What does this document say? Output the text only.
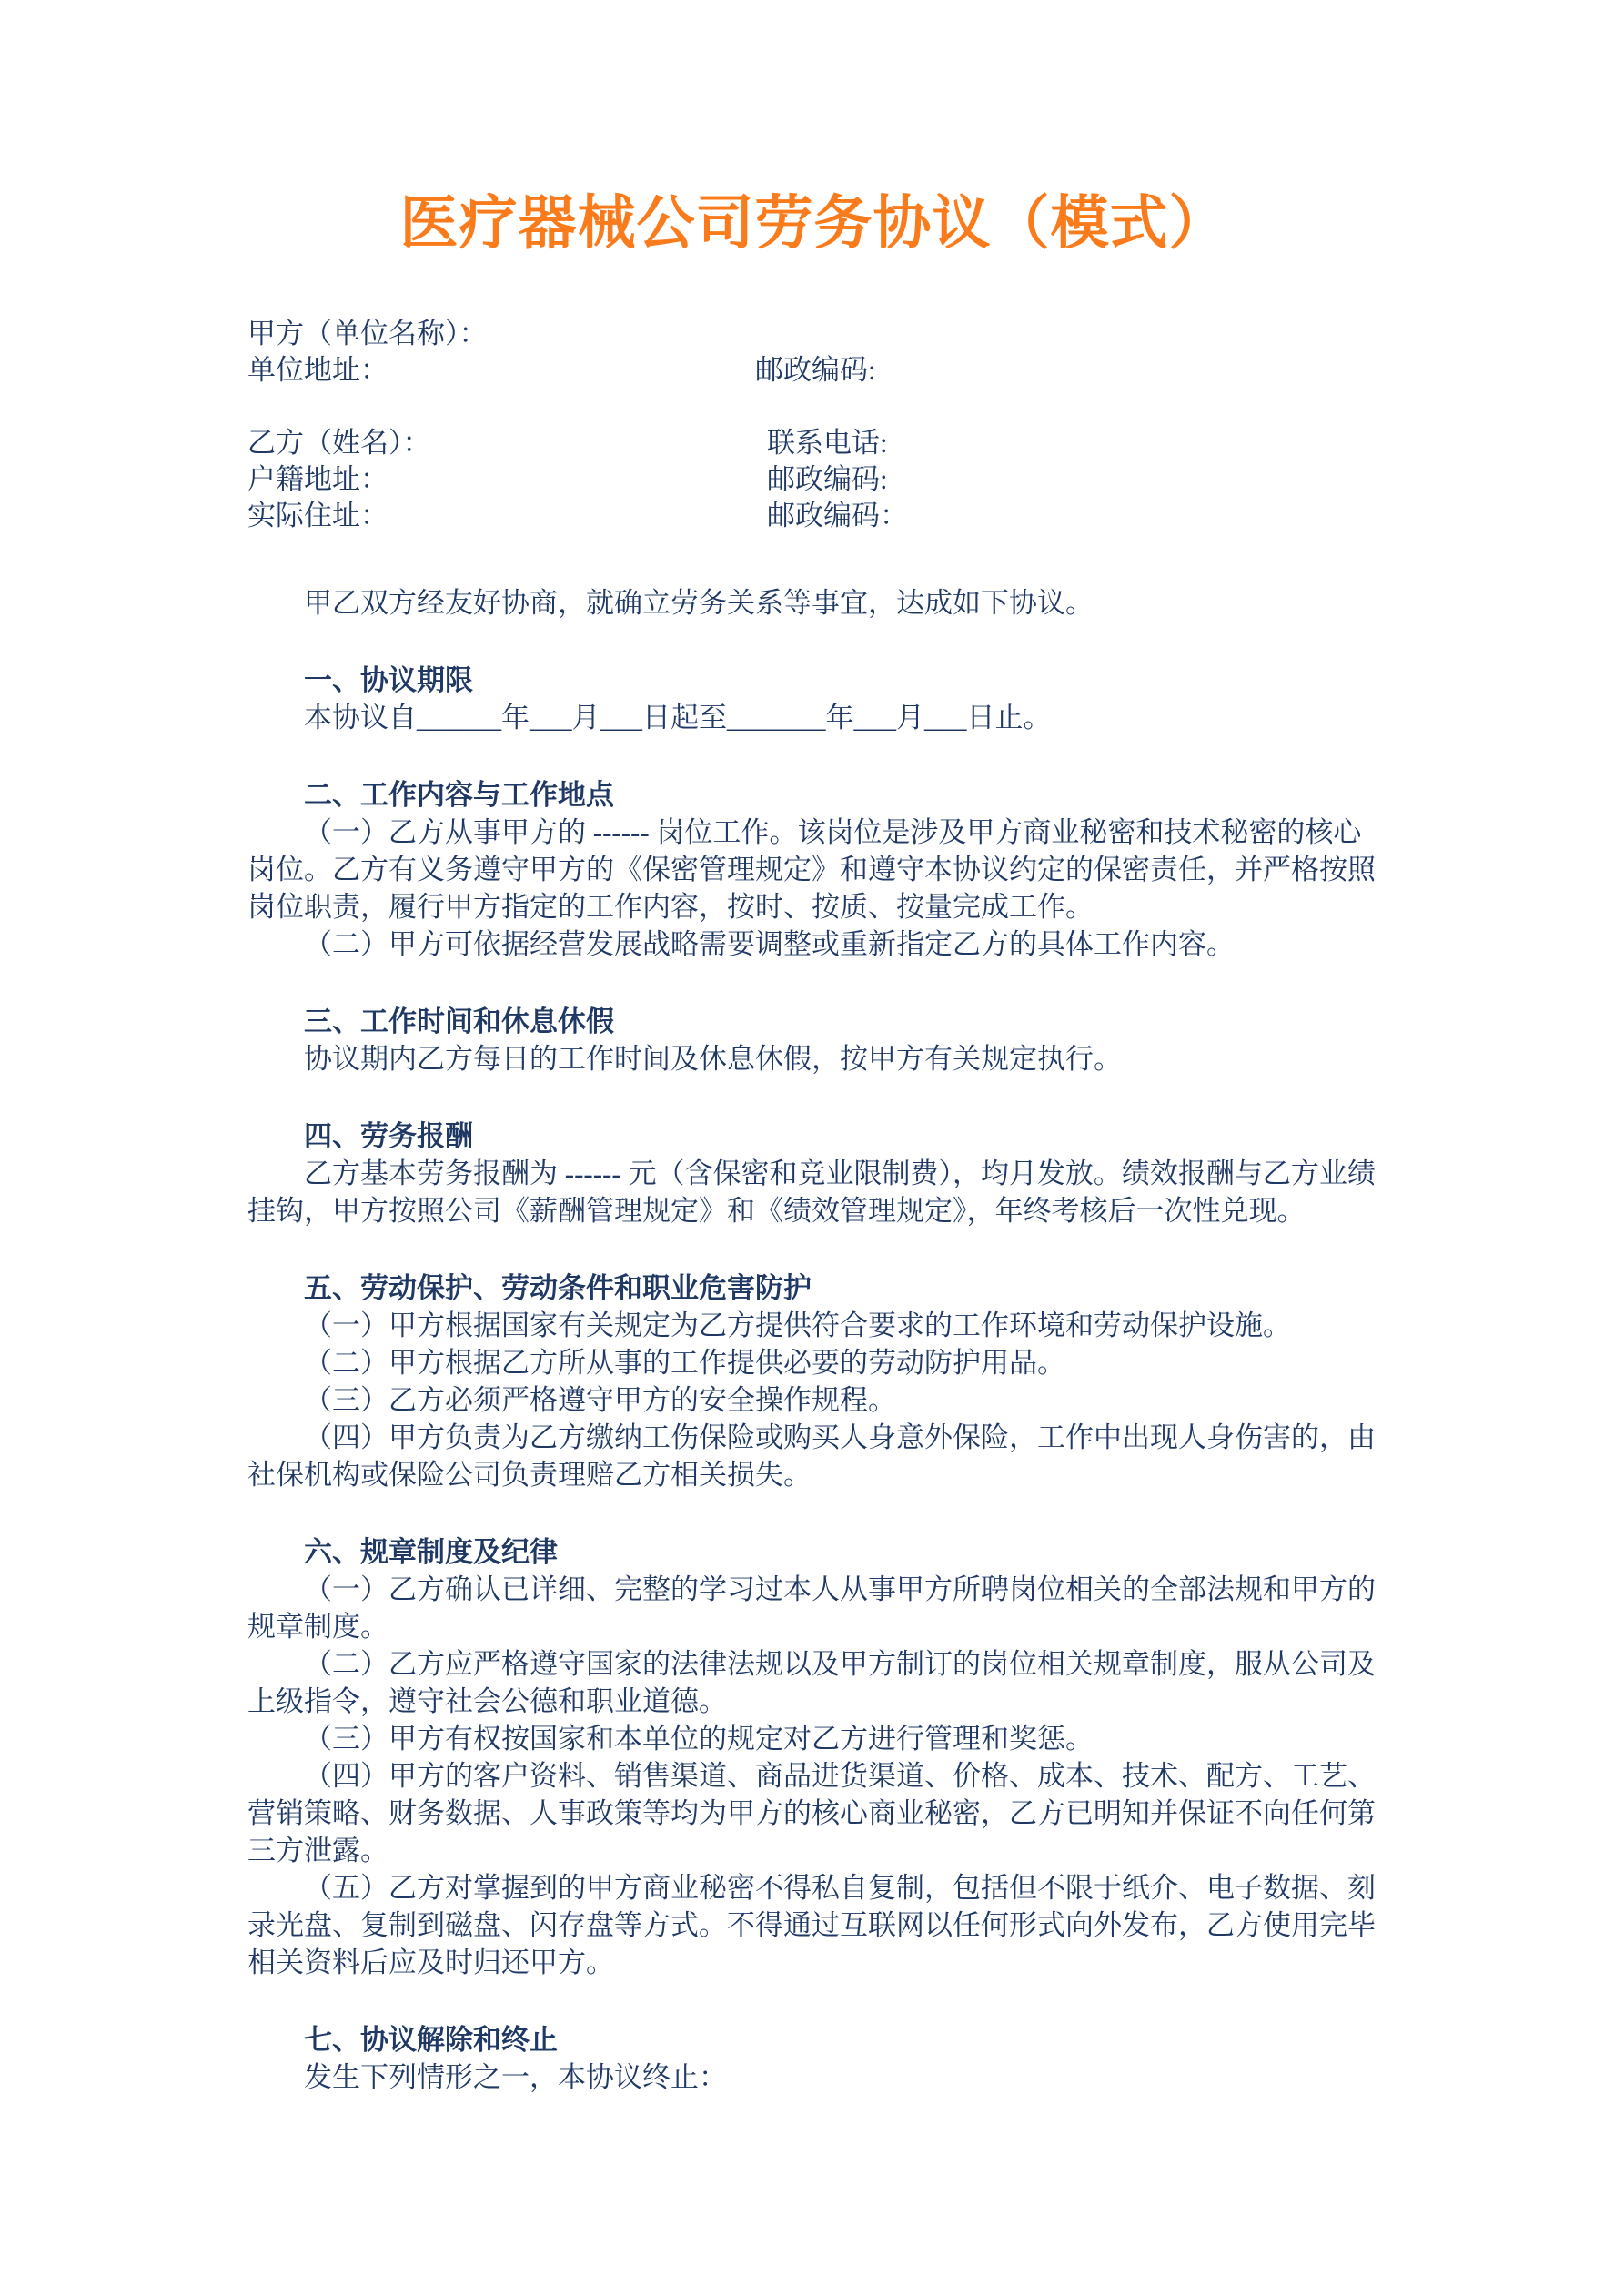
医疗器械公司劳务协议（模式）
甲方（单位名称）：
单位地址：	邮政编码:
乙方（姓名）：	联系电话:
户籍地址：	邮政编码:
实际住址：	邮政编码：

甲乙双方经友好协商，就确立劳务关系等事宜，达成如下协议。

一、协议期限

本协议自______年___月___日起至_______年___月___日止。

二、工作内容与工作地点

（一）乙方从事甲方的 ------ 岗位工作。该岗位是涉及甲方商业秘密和技术秘密的核心岗位。乙方有义务遵守甲方的《保密管理规定》和遵守本协议约定的保密责任，并严格按照岗位职责，履行甲方指定的工作内容，按时、按质、按量完成工作。

（二）甲方可依据经营发展战略需要调整或重新指定乙方的具体工作内容。

三、工作时间和休息休假

协议期内乙方每日的工作时间及休息休假，按甲方有关规定执行。

四、劳务报酬

乙方基本劳务报酬为 ------ 元（含保密和竞业限制费），均月发放。绩效报酬与乙方业绩挂钩，甲方按照公司《薪酬管理规定》和《绩效管理规定》，年终考核后一次性兑现。

五、劳动保护、劳动条件和职业危害防护

（一）甲方根据国家有关规定为乙方提供符合要求的工作环境和劳动保护设施。

（二）甲方根据乙方所从事的工作提供必要的劳动防护用品。

（三）乙方必须严格遵守甲方的安全操作规程。

（四）甲方负责为乙方缴纳工伤保险或购买人身意外保险，工作中出现人身伤害的，由社保机构或保险公司负责理赔乙方相关损失。

六、规章制度及纪律

（一）乙方确认已详细、完整的学习过本人从事甲方所聘岗位相关的全部法规和甲方的规章制度。

（二）乙方应严格遵守国家的法律法规以及甲方制订的岗位相关规章制度，服从公司及上级指令，遵守社会公德和职业道德。

（三）甲方有权按国家和本单位的规定对乙方进行管理和奖惩。

（四）甲方的客户资料、销售渠道、商品进货渠道、价格、成本、技术、配方、工艺、营销策略、财务数据、人事政策等均为甲方的核心商业秘密，乙方已明知并保证不向任何第三方泄露。

（五）乙方对掌握到的甲方商业秘密不得私自复制，包括但不限于纸介、电子数据、刻录光盘、复制到磁盘、闪存盘等方式。不得通过互联网以任何形式向外发布，乙方使用完毕相关资料后应及时归还甲方。

七、协议解除和终止

发生下列情形之一，本协议终止：
